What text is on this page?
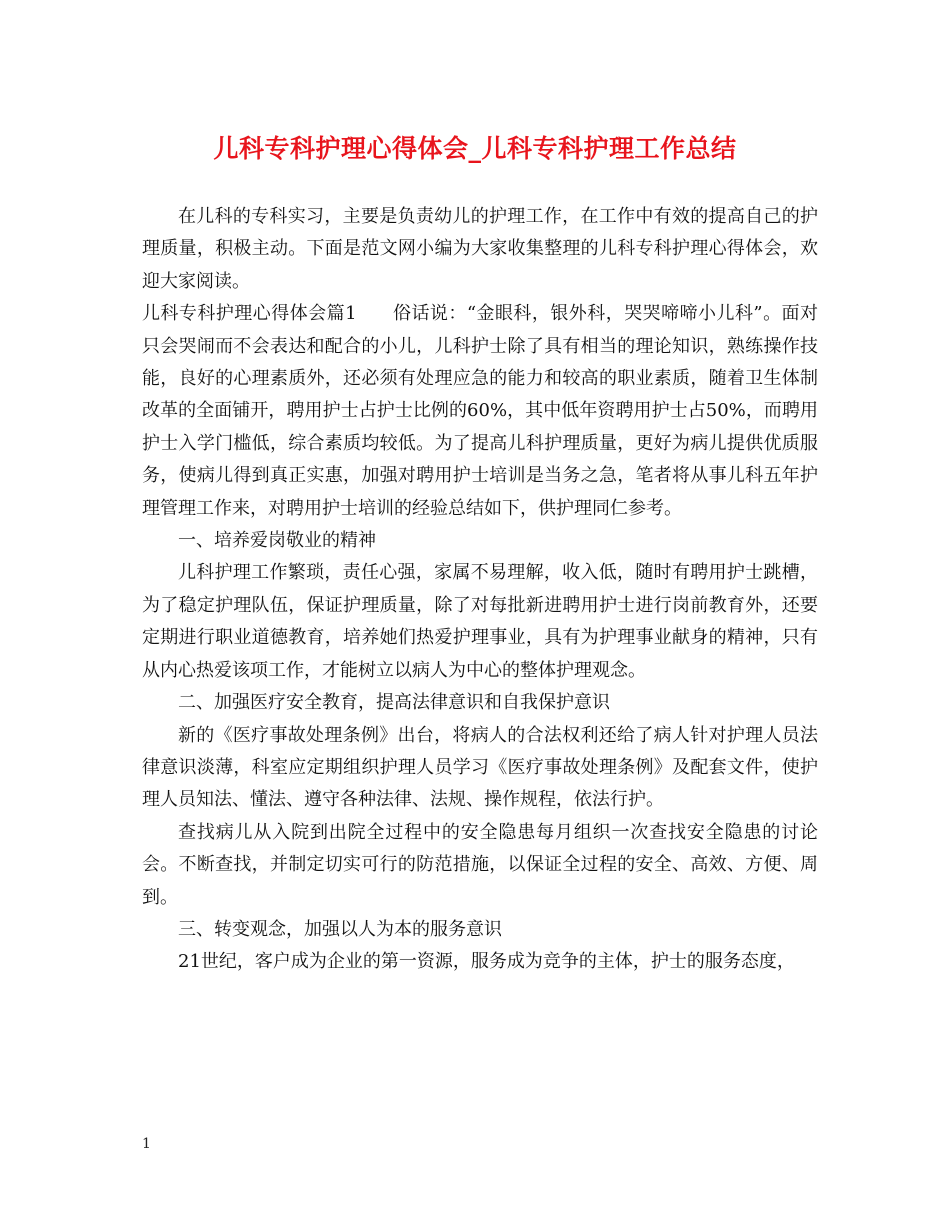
儿科专科护理心得体会_儿科专科护理工作总结

在儿科的专科实习，主要是负责幼儿的护理工作，在工作中有效的提高自己的护理质量，积极主动。下面是范文网小编为大家收集整理的儿科专科护理心得体会，欢迎大家阅读。

儿科专科护理心得体会篇1 俗话说：“金眼科，银外科，哭哭啼啼小儿科”。面对只会哭闹而不会表达和配合的小儿，儿科护士除了具有相当的理论知识，熟练操作技能，良好的心理素质外，还必须有处理应急的能力和较高的职业素质，随着卫生体制改革的全面铺开，聘用护士占护士比例的60%，其中低年资聘用护士占50%，而聘用护士入学门槛低，综合素质均较低。为了提高儿科护理质量，更好为病儿提供优质服务，使病儿得到真正实惠，加强对聘用护士培训是当务之急，笔者将从事儿科五年护理管理工作来，对聘用护士培训的经验总结如下，供护理同仁参考。

一、培养爱岗敬业的精神

儿科护理工作繁琐，责任心强，家属不易理解，收入低，随时有聘用护士跳槽，为了稳定护理队伍，保证护理质量，除了对每批新进聘用护士进行岗前教育外，还要定期进行职业道德教育，培养她们热爱护理事业，具有为护理事业献身的精神，只有从内心热爱该项工作，才能树立以病人为中心的整体护理观念。

二、加强医疗安全教育，提高法律意识和自我保护意识

新的《医疗事故处理条例》出台，将病人的合法权利还给了病人针对护理人员法律意识淡薄，科室应定期组织护理人员学习《医疗事故处理条例》及配套文件，使护理人员知法、懂法、遵守各种法律、法规、操作规程，依法行护。

查找病儿从入院到出院全过程中的安全隐患每月组织一次查找安全隐患的讨论会。不断查找，并制定切实可行的防范措施，以保证全过程的安全、高效、方便、周到。

三、转变观念，加强以人为本的服务意识

21世纪，客户成为企业的第一资源，服务成为竞争的主体，护士的服务态度，

1
